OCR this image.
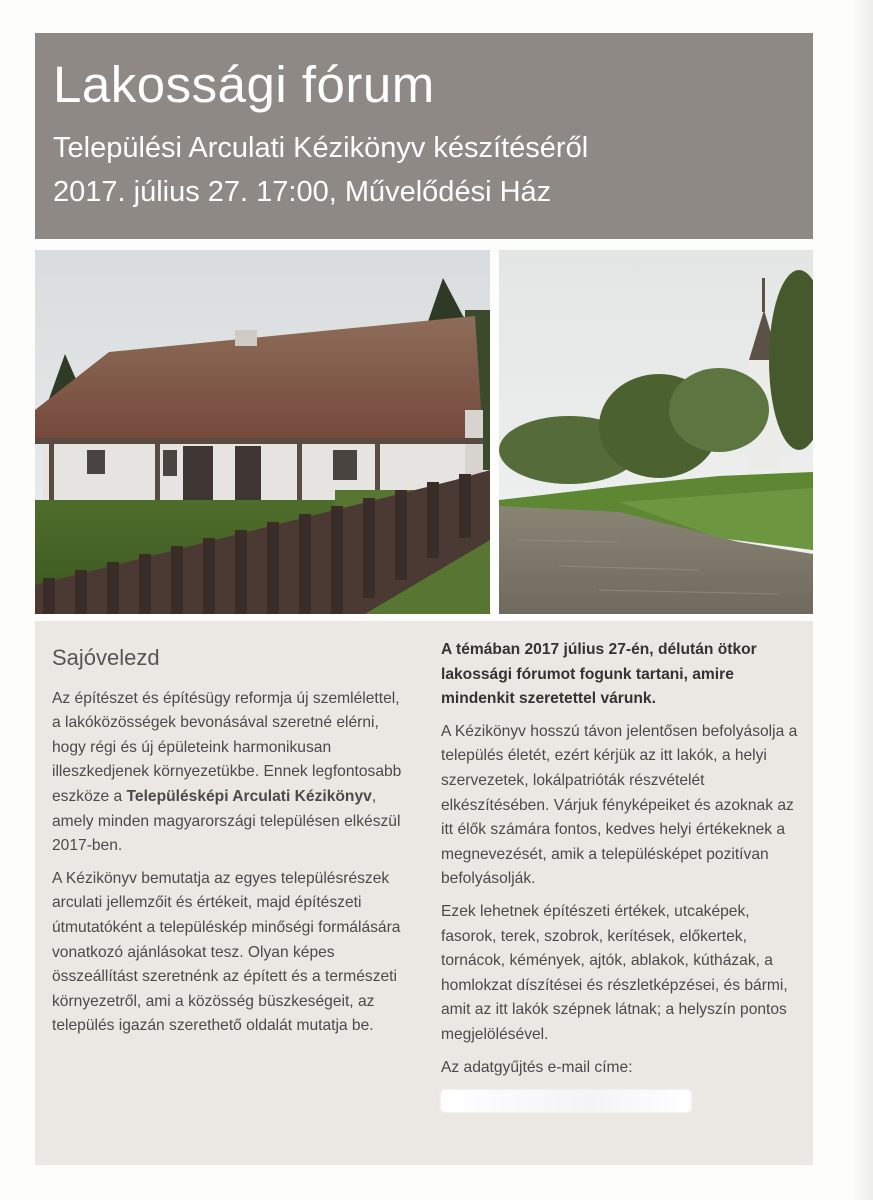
Lakossági fórum
Települési Arculati Kézikönyv készítéséről
2017. július 27. 17:00, Művelődési Ház
Sajóvelezd

Az építészet és építésügy reformja új szemlélettel, a lakóközösségek bevonásával szeretné elérni, hogy régi és új épületeink harmonikusan illeszkedjenek környezetükbe. Ennek legfontosabb eszköze a Településképi Arculati Kézikönyv, amely minden magyarországi településen elkészül 2017-ben.

A Kézikönyv bemutatja az egyes településrészek arculati jellemzőit és értékeit, majd építészeti útmutatóként a településkép minőségi formálására vonatkozó ajánlásokat tesz. Olyan képes összeállítást szeretnénk az épített és a természeti környezetről, ami a közösség büszkeségeit, az település igazán szerethető oldalát mutatja be.

A témában 2017 július 27-én, délután ötkor lakossági fórumot fogunk tartani, amire mindenkit szeretettel várunk.

A Kézikönyv hosszú távon jelentősen befolyásolja a település életét, ezért kérjük az itt lakók, a helyi szervezetek, lokálpatrióták részvételét elkészítésében. Várjuk fényképeiket és azoknak az itt élők számára fontos, kedves helyi értékeknek a megnevezését, amik a településképet pozitívan befolyásolják.

Ezek lehetnek építészeti értékek, utcaképek, fasorok, terek, szobrok, kerítések, előkertek, tornácok, kémények, ajtók, ablakok, kútházak, a homlokzat díszítései és részletképzései, és bármi, amit az itt lakók szépnek látnak; a helyszín pontos megjelölésével.

Az adatgyűjtés e-mail címe:
